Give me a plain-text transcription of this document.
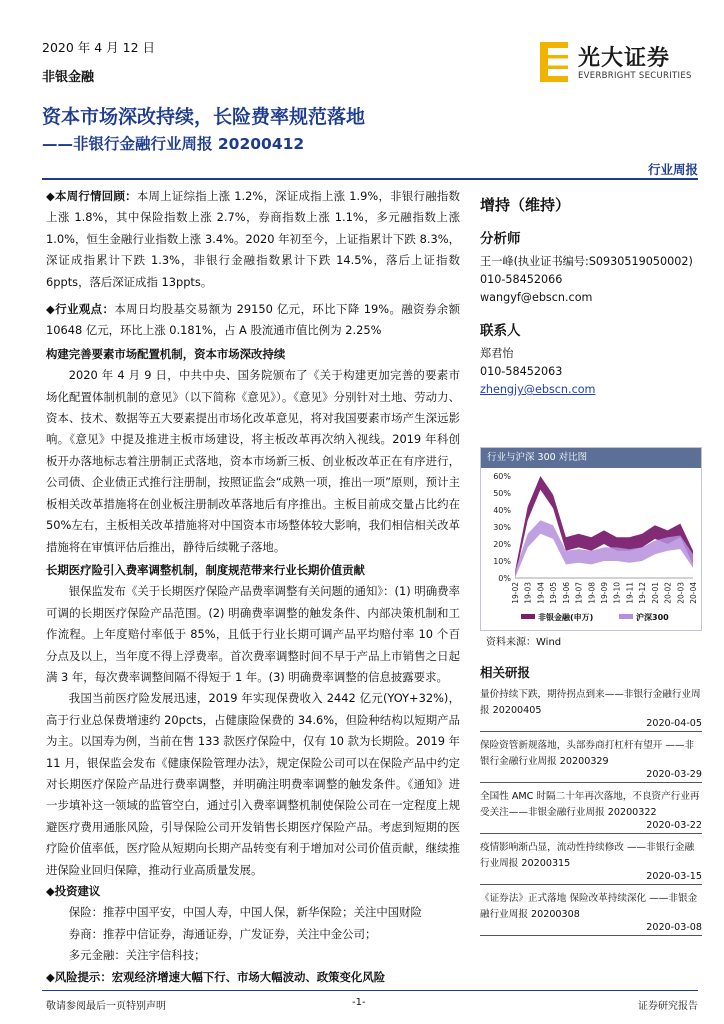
2020 年 4 月 12 日
非银金融
资本市场深改持续，长险费率规范落地
——非银行金融行业周报 20200412
光大证券
EVERBRIGHT SECURITIES
行业周报

◆本周行情回顾：本周上证综指上涨 1.2%，深证成指上涨 1.9%，非银行融指数上涨 1.8%，其中保险指数上涨 2.7%，券商指数上涨 1.1%，多元融指数上涨 1.0%，恒生金融行业指数上涨 3.4%。2020 年初至今，上证指累计下跌 8.3%，深证成指累计下跌 1.3%，非银行金融指数累计下跌 14.5%，落后上证指数 6ppts，落后深证成指 13ppts。

◆行业观点：本周日均股基交易额为 29150 亿元，环比下降 19%。融资券余额 10648 亿元，环比上涨 0.181%，占 A 股流通市值比例为 2.25%

构建完善要素市场配置机制，资本市场深改持续

2020 年 4 月 9 日，中共中央、国务院颁布了《关于构建更加完善的要素市场化配置体制机制的意见》（以下简称《意见》）。《意见》分别针对土地、劳动力、资本、技术、数据等五大要素提出市场化改革意见，将对我国要素市场产生深远影响。《意见》中提及推进主板市场建设，将主板改革再次纳入视线。2019 年科创板开办落地标志着注册制正式落地，资本市场新三板、创业板改革正在有序进行，公司债、企业债正式推行注册制，按照证监会“成熟一项，推出一项”原则，预计主板相关改革措施将在创业板注册制改革落地后有序推出。主板目前成交量占比约在 50%左右，主板相关改革措施将对中国资本市场整体较大影响，我们相信相关改革措施将在审慎评估后推出，静待后续靴子落地。

长期医疗险引入费率调整机制，制度规范带来行业长期价值贡献

银保监发布《关于长期医疗保险产品费率调整有关问题的通知》：(1) 明确费率可调的长期医疗保险产品范围。(2) 明确费率调整的触发条件、内部决策机制和工作流程。上年度赔付率低于 85%，且低于行业长期可调产品平均赔付率 10 个百分点及以上，当年度不得上浮费率。首次费率调整时间不早于产品上市销售之日起满 3 年，每次费率调整间隔不得短于 1 年。(3) 明确费率调整的信息披露要求。

我国当前医疗险发展迅速，2019 年实现保费收入 2442 亿元(YOY+32%)，高于行业总保费增速约 20pcts，占健康险保费的 34.6%，但险种结构以短期产品为主。以国寿为例，当前在售 133 款医疗保险中，仅有 10 款为长期险。2019 年 11 月，银保监会发布《健康保险管理办法》，规定保险公司可以在保险产品中约定对长期医疗保险产品进行费率调整，并明确注明费率调整的触发条件。《通知》进一步填补这一领域的监管空白，通过引入费率调整机制使保险公司在一定程度上规避医疗费用通胀风险，引导保险公司开发销售长期医疗保险产品。考虑到短期的医疗险价值率低，医疗险从短期向长期产品转变有利于增加对公司价值贡献，继续推进保险业回归保障，推动行业高质量发展。

◆投资建议

保险：推荐中国平安，中国人寿，中国人保，新华保险；关注中国财险

券商：推荐中信证券，海通证券，广发证券，关注中金公司；

多元金融：关注宇信科技；

◆风险提示：宏观经济增速大幅下行、市场大幅波动、政策变化风险

增持（维持）
分析师
王一峰(执业证书编号:S0930519050002)
010-58452066
wangyf@ebscn.com
联系人
郑君怡
010-58452063
zhengjy@ebscn.com
行业与沪深 300 对比图
60%
50%
40%
30%
20%
10%
0%
19-02 19-03 19-04 19-05 19-06 19-07 19-08 19-09 19-10 19-11 19-12 20-01 20-02 20-03 20-04
非银金融(申万)	沪深300
资料来源：Wind
相关研报
量价持续下跌，期待拐点到来——非银行金融行业周报 20200405
2020-04-05
保险资管新规落地，头部券商打杠杆有望开 ——非银行金融行业周报 20200329
2020-03-29
全国性 AMC 时隔二十年再次落地，不良资产行业再受关注——非银金融行业周报 20200322
2020-03-22
疫情影响渐凸显，流动性持续修改 ——非银行金融行业周报 20200315
2020-03-15
《证券法》正式落地 保险改革持续深化 ——非银金融行业周报 20200308
2020-03-08
敬请参阅最后一页特别声明	-1-	证券研究报告
